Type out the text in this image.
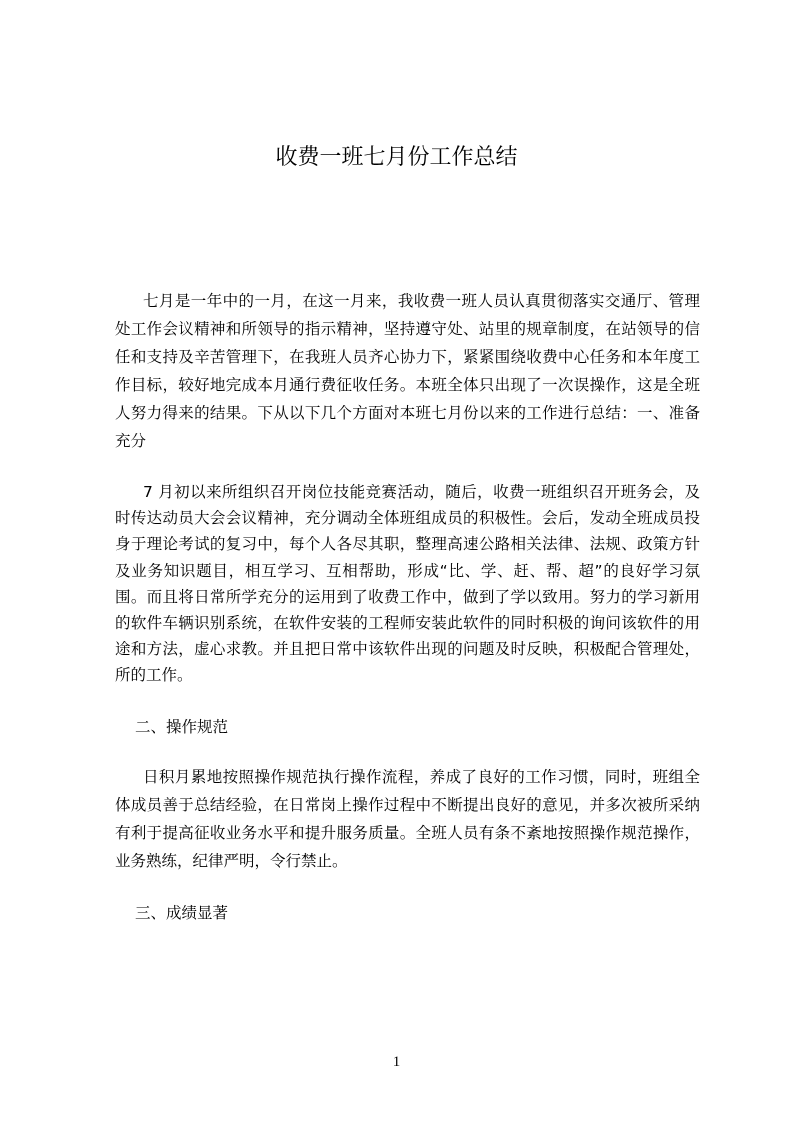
收费一班七月份工作总结
七月是一年中的一月，在这一月来，我收费一班人员认真贯彻落实交通厅、管理
处工作会议精神和所领导的指示精神，坚持遵守处、站里的规章制度，在站领导的信
任和支持及辛苦管理下，在我班人员齐心协力下，紧紧围绕收费中心任务和本年度工
作目标，较好地完成本月通行费征收任务。本班全体只出现了一次误操作，这是全班
人努力得来的结果。下从以下几个方面对本班七月份以来的工作进行总结：一、准备
充分
7 月初以来所组织召开岗位技能竞赛活动，随后，收费一班组织召开班务会，及
时传达动员大会会议精神，充分调动全体班组成员的积极性。会后，发动全班成员投
身于理论考试的复习中，每个人各尽其职，整理高速公路相关法律、法规、政策方针
及业务知识题目，相互学习、互相帮助，形成“比、学、赶、帮、超”的良好学习氛
围。而且将日常所学充分的运用到了收费工作中，做到了学以致用。努力的学习新用
的软件车辆识别系统，在软件安装的工程师安装此软件的同时积极的询问该软件的用
途和方法，虚心求教。并且把日常中该软件出现的问题及时反映，积极配合管理处，
所的工作。
二、操作规范
日积月累地按照操作规范执行操作流程，养成了良好的工作习惯，同时，班组全
体成员善于总结经验，在日常岗上操作过程中不断提出良好的意见，并多次被所采纳
有利于提高征收业务水平和提升服务质量。全班人员有条不紊地按照操作规范操作，
业务熟练，纪律严明，令行禁止。
三、成绩显著
1
